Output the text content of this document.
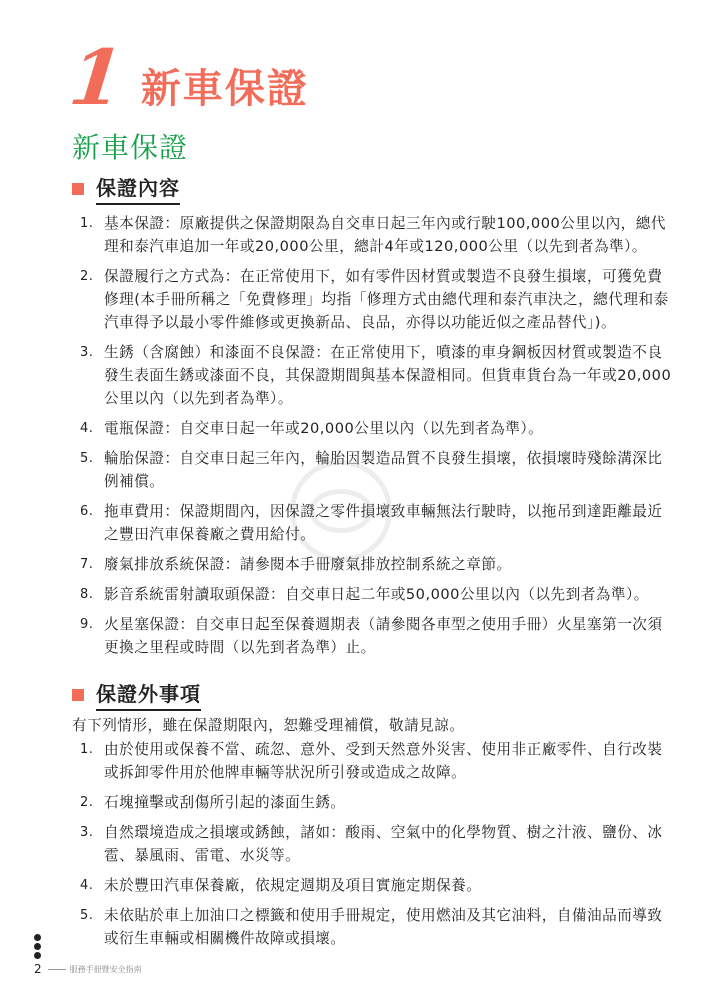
1 新車保證
新車保證
保證內容
1. 基本保證：原廠提供之保證期限為自交車日起三年內或行駛100,000公里以內，總代理和泰汽車追加一年或20,000公里，總計4年或120,000公里（以先到者為準）。
2. 保證履行之方式為：在正常使用下，如有零件因材質或製造不良發生損壞，可獲免費修理(本手冊所稱之「免費修理」均指「修理方式由總代理和泰汽車決之，總代理和泰汽車得予以最小零件維修或更換新品、良品，亦得以功能近似之產品替代」)。
3. 生銹（含腐蝕）和漆面不良保證：在正常使用下，噴漆的車身鋼板因材質或製造不良發生表面生銹或漆面不良，其保證期間與基本保證相同。但貨車貨台為一年或20,000公里以內（以先到者為準）。
4. 電瓶保證：自交車日起一年或20,000公里以內（以先到者為準）。
5. 輪胎保證：自交車日起三年內，輪胎因製造品質不良發生損壞，依損壞時殘餘溝深比例補償。
6. 拖車費用：保證期間內，因保證之零件損壞致車輛無法行駛時，以拖吊到達距離最近之豐田汽車保養廠之費用給付。
7. 廢氣排放系統保證：請參閱本手冊廢氣排放控制系統之章節。
8. 影音系統雷射讀取頭保證：自交車日起二年或50,000公里以內（以先到者為準）。
9. 火星塞保證：自交車日起至保養週期表（請參閱各車型之使用手冊）火星塞第一次須更換之里程或時間（以先到者為準）止。
保證外事項
有下列情形，雖在保證期限內，恕難受理補償，敬請見諒。
1. 由於使用或保養不當、疏忽、意外、受到天然意外災害、使用非正廠零件、自行改裝或拆卸零件用於他牌車輛等狀況所引發或造成之故障。
2. 石塊撞擊或刮傷所引起的漆面生銹。
3. 自然環境造成之損壞或銹蝕，諸如：酸雨、空氣中的化學物質、樹之汁液、鹽份、冰雹、暴風雨、雷電、水災等。
4. 未於豐田汽車保養廠，依規定週期及項目實施定期保養。
5. 未依貼於車上加油口之標籤和使用手冊規定，使用燃油及其它油料，自備油品而導致或衍生車輛或相關機件故障或損壞。
2	服務手冊暨安全指南
